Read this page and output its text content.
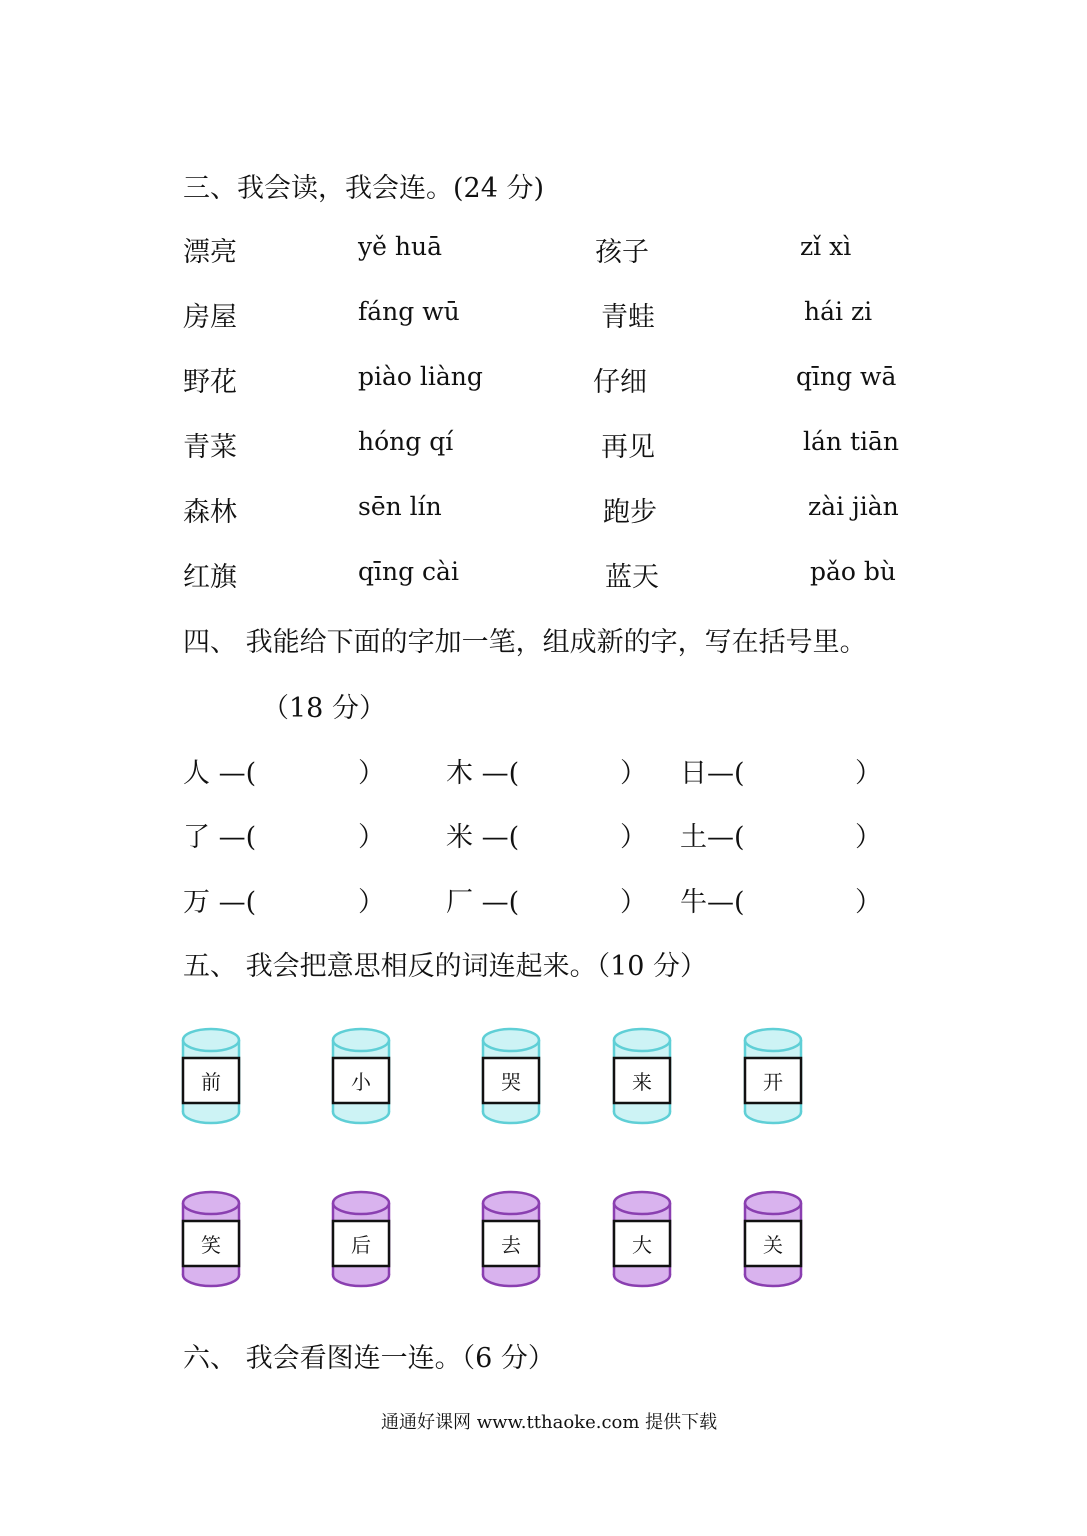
三、我会读，我会连。(24 分)
漂亮	yě huā	孩子	zǐ xì
房屋	fáng wū	青蛙	hái zi
野花	piào liàng	仔细	qīng wā
青菜	hóng qí	再见	lán tiān
森林	sēn lín	跑步	zài jiàn
红旗	qīng cài	蓝天	pǎo bù
四、 我能给下面的字加一笔，组成新的字，写在括号里。
（18 分）
人 —(	） 木 —(	） 日—(	）
了 —(	） 米 —(	） 土—(	）
万 —(	） 厂 —(	） 牛—(	）
五、 我会把意思相反的词连起来。（10 分）
前	小	哭	来	开
笑	后	去	大	关
六、 我会看图连一连。（6 分）
通通好课网 www.tthaoke.com 提供下载
